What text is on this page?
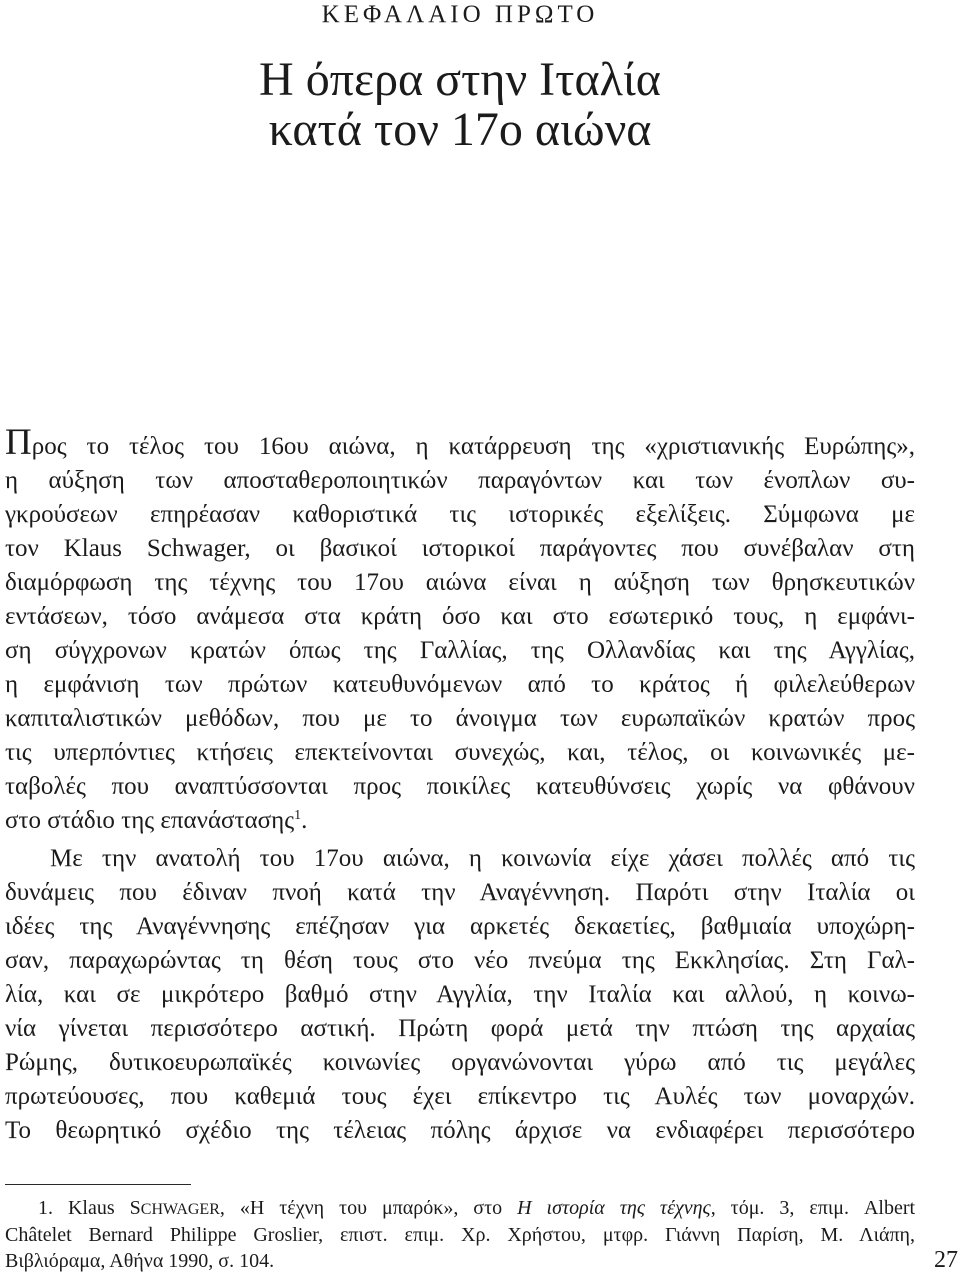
ΚΕΦΑΛΑΙΟ ΠΡΩΤΟ
Η όπερα στην Ιταλία
κατά τον 17ο αιώνα
Προς το τέλος του 16ου αιώνα, η κατάρρευση της «χριστιανικής Ευρώπης»,
η αύξηση των αποσταθεροποιητικών παραγόντων και των ένοπλων συ-
γκρούσεων επηρέασαν καθοριστικά τις ιστορικές εξελίξεις. Σύμφωνα με
τον Klaus Schwager, οι βασικοί ιστορικοί παράγοντες που συνέβαλαν στη
διαμόρφωση της τέχνης του 17ου αιώνα είναι η αύξηση των θρησκευτικών
εντάσεων, τόσο ανάμεσα στα κράτη όσο και στο εσωτερικό τους, η εμφάνι-
ση σύγχρονων κρατών όπως της Γαλλίας, της Ολλανδίας και της Αγγλίας,
η εμφάνιση των πρώτων κατευθυνόμενων από το κράτος ή φιλελεύθερων
καπιταλιστικών μεθόδων, που με το άνοιγμα των ευρωπαϊκών κρατών προς
τις υπερπόντιες κτήσεις επεκτείνονται συνεχώς, και, τέλος, οι κοινωνικές με-
ταβολές που αναπτύσσονται προς ποικίλες κατευθύνσεις χωρίς να φθάνουν
στο στάδιο της επανάστασης$^1$.
Με την ανατολή του 17ου αιώνα, η κοινωνία είχε χάσει πολλές από τις
δυνάμεις που έδιναν πνοή κατά την Αναγέννηση. Παρότι στην Ιταλία οι
ιδέες της Αναγέννησης επέζησαν για αρκετές δεκαετίες, βαθμιαία υποχώρη-
σαν, παραχωρώντας τη θέση τους στο νέο πνεύμα της Εκκλησίας. Στη Γαλ-
λία, και σε μικρότερο βαθμό στην Αγγλία, την Ιταλία και αλλού, η κοινω-
νία γίνεται περισσότερο αστική. Πρώτη φορά μετά την πτώση της αρχαίας
Ρώμης, δυτικοευρωπαϊκές κοινωνίες οργανώνονται γύρω από τις μεγάλες
πρωτεύουσες, που καθεμιά τους έχει επίκεντρο τις Αυλές των μοναρχών.
Το θεωρητικό σχέδιο της τέλειας πόλης άρχισε να ενδιαφέρει περισσότερο
1. Klaus SCHWAGER, «Η τέχνη του μπαρόκ», στο Η ιστορία της τέχνης, τόμ. 3, επιμ. Albert
Châtelet Bernard Philippe Groslier, επιστ. επιμ. Χρ. Χρήστου, μτφρ. Γιάννη Παρίση, Μ. Λιάπη,
Βιβλιόραμα, Αθήνα 1990, σ. 104.	27
